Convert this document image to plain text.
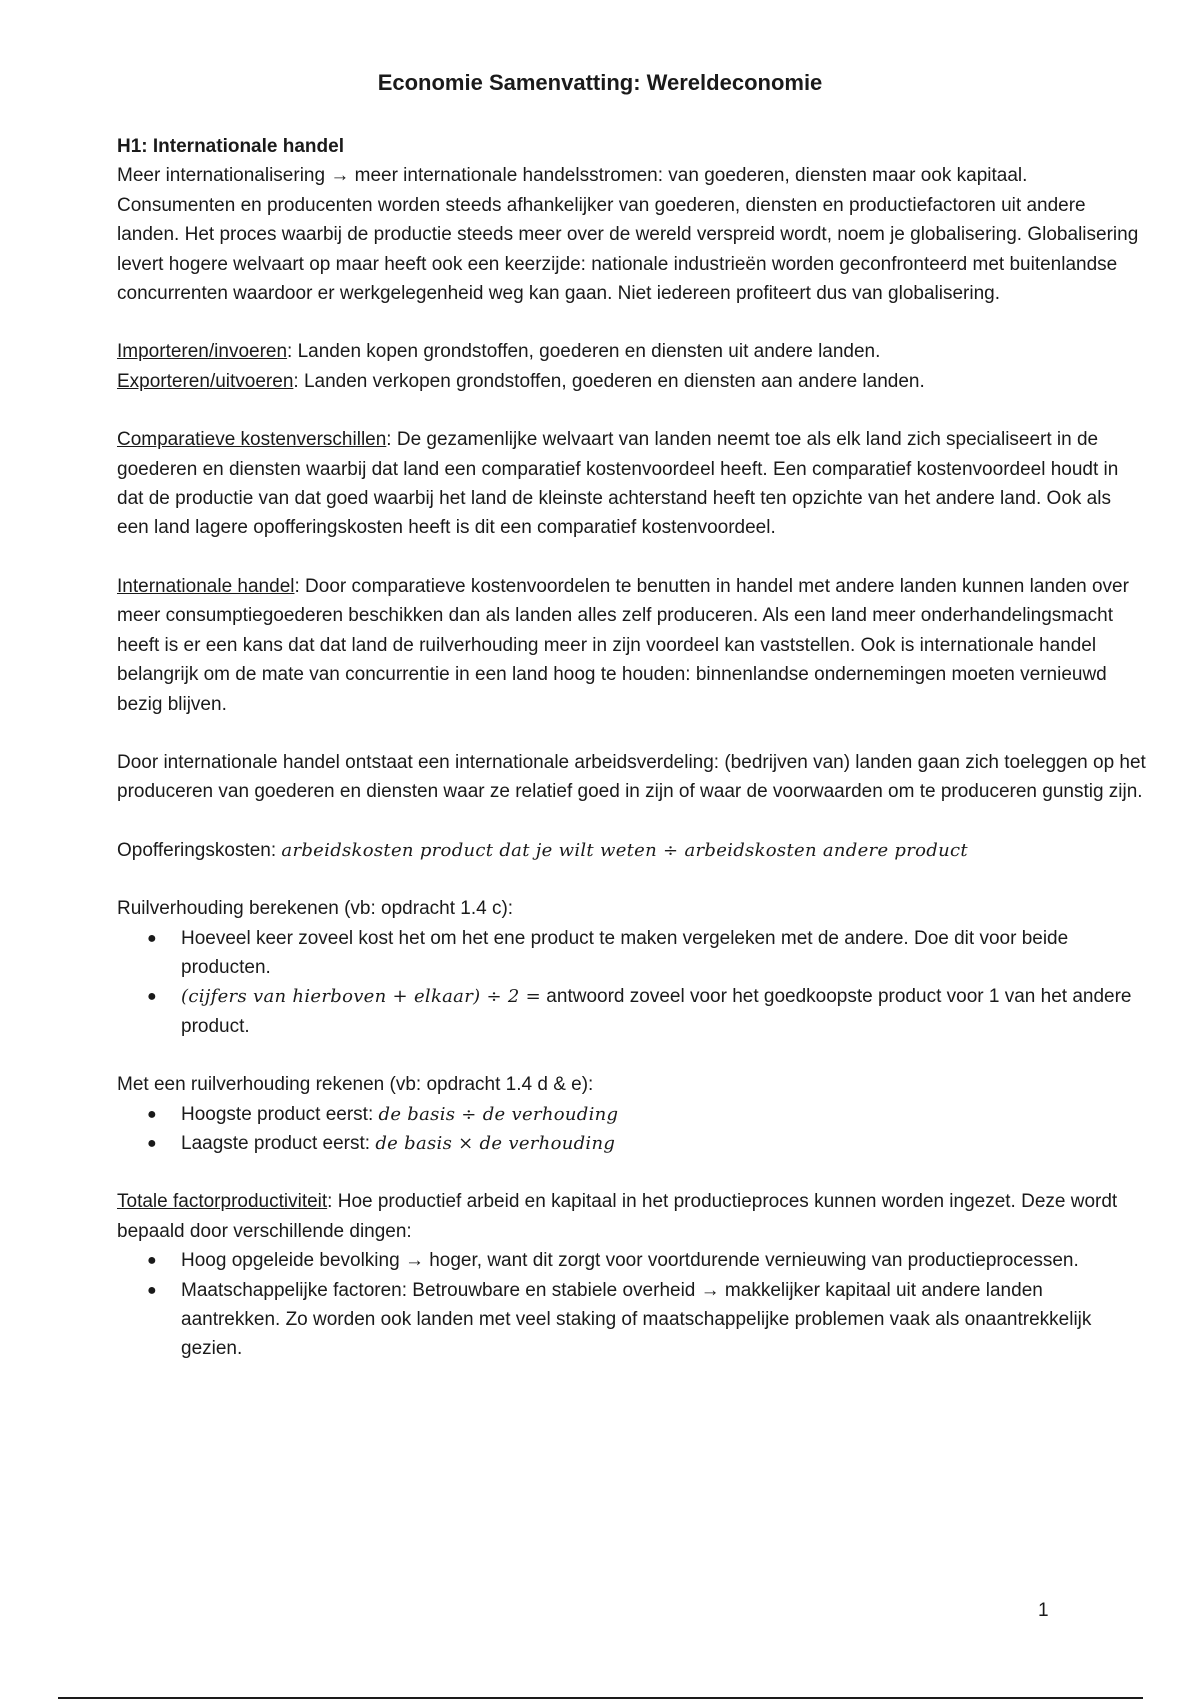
Economie Samenvatting: Wereldeconomie

H1: Internationale handel

Meer internationalisering → meer internationale handelsstromen: van goederen, diensten maar ook kapitaal. Consumenten en producenten worden steeds afhankelijker van goederen, diensten en productiefactoren uit andere landen. Het proces waarbij de productie steeds meer over de wereld verspreid wordt, noem je globalisering. Globalisering levert hogere welvaart op maar heeft ook een keerzijde: nationale industrieën worden geconfronteerd met buitenlandse concurrenten waardoor er werkgelegenheid weg kan gaan. Niet iedereen profiteert dus van globalisering.

Importeren/invoeren: Landen kopen grondstoffen, goederen en diensten uit andere landen.

Exporteren/uitvoeren: Landen verkopen grondstoffen, goederen en diensten aan andere landen.

Comparatieve kostenverschillen: De gezamenlijke welvaart van landen neemt toe als elk land zich specialiseert in de goederen en diensten waarbij dat land een comparatief kostenvoordeel heeft. Een comparatief kostenvoordeel houdt in dat de productie van dat goed waarbij het land de kleinste achterstand heeft ten opzichte van het andere land. Ook als een land lagere opofferingskosten heeft is dit een comparatief kostenvoordeel.

Internationale handel: Door comparatieve kostenvoordelen te benutten in handel met andere landen kunnen landen over meer consumptiegoederen beschikken dan als landen alles zelf produceren. Als een land meer onderhandelingsmacht heeft is er een kans dat dat land de ruilverhouding meer in zijn voordeel kan vaststellen. Ook is internationale handel belangrijk om de mate van concurrentie in een land hoog te houden: binnenlandse ondernemingen moeten vernieuwd bezig blijven.

Door internationale handel ontstaat een internationale arbeidsverdeling: (bedrijven van) landen gaan zich toeleggen op het produceren van goederen en diensten waar ze relatief goed in zijn of waar de voorwaarden om te produceren gunstig zijn.

Opofferingskosten: arbeidskosten product dat je wilt weten ÷ arbeidskosten andere product

Ruilverhouding berekenen (vb: opdracht 1.4 c):

● Hoeveel keer zoveel kost het om het ene product te maken vergeleken met de andere. Doe dit voor beide producten.
● (cijfers van hierboven + elkaar) ÷ 2 = antwoord zoveel voor het goedkoopste product voor 1 van het andere product.

Met een ruilverhouding rekenen (vb: opdracht 1.4 d & e):

● Hoogste product eerst: de basis ÷ de verhouding
● Laagste product eerst: de basis × de verhouding

Totale factorproductiviteit: Hoe productief arbeid en kapitaal in het productieproces kunnen worden ingezet. Deze wordt bepaald door verschillende dingen:

● Hoog opgeleide bevolking → hoger, want dit zorgt voor voortdurende vernieuwing van productieprocessen.
● Maatschappelijke factoren: Betrouwbare en stabiele overheid → makkelijker kapitaal uit andere landen aantrekken. Zo worden ook landen met veel staking of maatschappelijke problemen vaak als onaantrekkelijk gezien.
1
